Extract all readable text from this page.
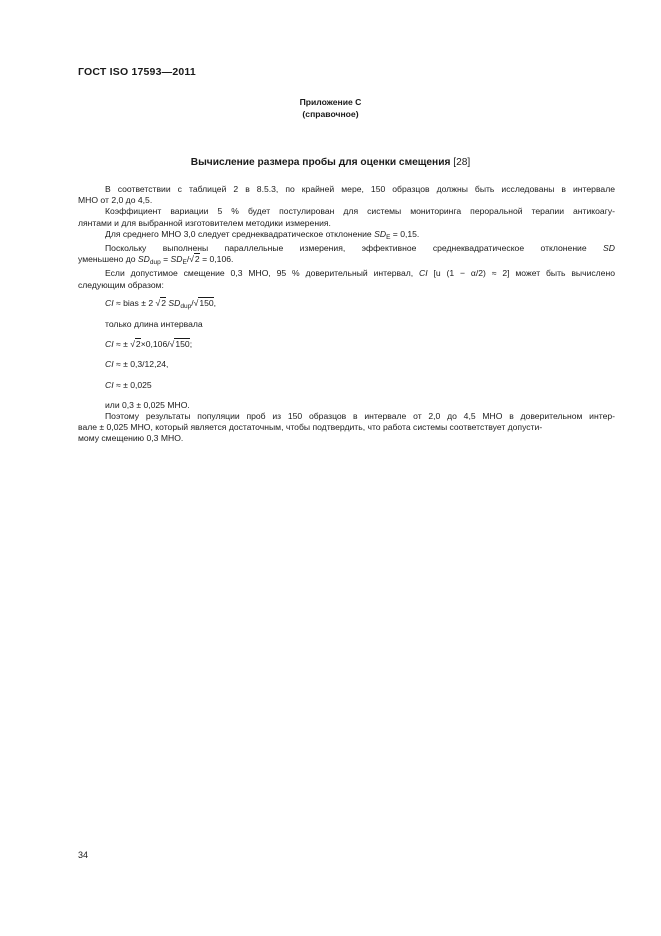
ГОСТ ISO 17593—2011
Приложение С
(справочное)
Вычисление размера пробы для оценки смещения [28]

В соответствии с таблицей 2 в 8.5.3, по крайней мере, 150 образцов должны быть исследованы в интервале

МНО от 2,0 до 4,5.

Коэффициент вариации 5 % будет постулирован для системы мониторинга пероральной терапии антикоагу-

лянтами и для выбранной изготовителем методики измерения.

Для среднего МНО 3,0 следует среднеквадратическое отклонение $SD_E = 0,15$.

Поскольку выполнены параллельные измерения, эффективное среднеквадратическое отклонение SD

уменьшено до $SD_{dup} = SD_E/√2 = 0,106$.

Если допустимое смещение 0,3 МНО, 95 % доверительный интервал, CI [u (1 − α/2) ≈ 2] может быть вычислено

следующим образом:

CI ≈ bias ± 2 √2 $SD_{dup}/√150$,

только длина интервала

CI ≈ ± √2×0,106/√150;

CI ≈ ± 0,3/12,24,

CI ≈ ± 0,025

или 0,3 ± 0,025 МНО.

Поэтому результаты популяции проб из 150 образцов в интервале от 2,0 до 4,5 МНО в доверительном интер-

вале ± 0,025 МНО, который является достаточным, чтобы подтвердить, что работа системы соответствует допусти-

мому смещению 0,3 МНО.

34
